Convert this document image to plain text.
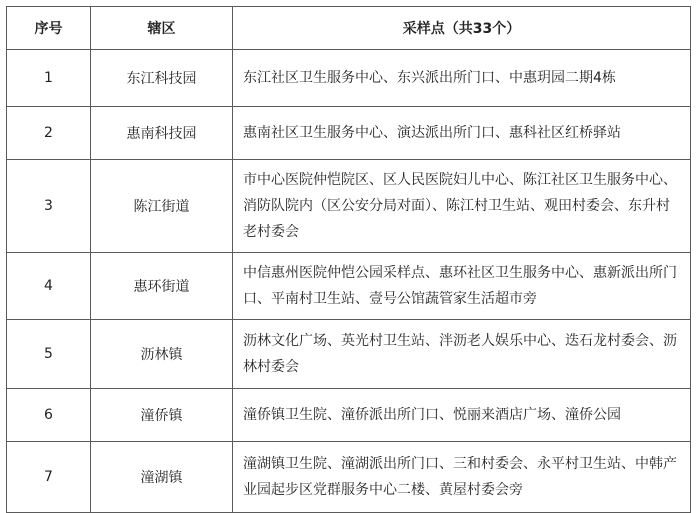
序号	辖区	采样点（共33个）
1	东江科技园	东江社区卫生服务中心、东兴派出所门口、中惠玥园二期4栋
2	惠南科技园	惠南社区卫生服务中心、演达派出所门口、惠科社区红桥驿站
3	陈江街道	市中心医院仲恺院区、区人民医院妇儿中心、陈江社区卫生服务中心、消防队院内（区公安分局对面）、陈江村卫生站、观田村委会、东升村老村委会
4	惠环街道	中信惠州医院仲恺公园采样点、惠环社区卫生服务中心、惠新派出所门口、平南村卫生站、壹号公馆蔬管家生活超市旁
5	沥林镇	沥林文化广场、英光村卫生站、泮沥老人娱乐中心、迭石龙村委会、沥林村委会
6	潼侨镇	潼侨镇卫生院、潼侨派出所门口、悦丽来酒店广场、潼侨公园
7	潼湖镇	潼湖镇卫生院、潼湖派出所门口、三和村委会、永平村卫生站、中韩产业园起步区党群服务中心二楼、黄屋村委会旁
